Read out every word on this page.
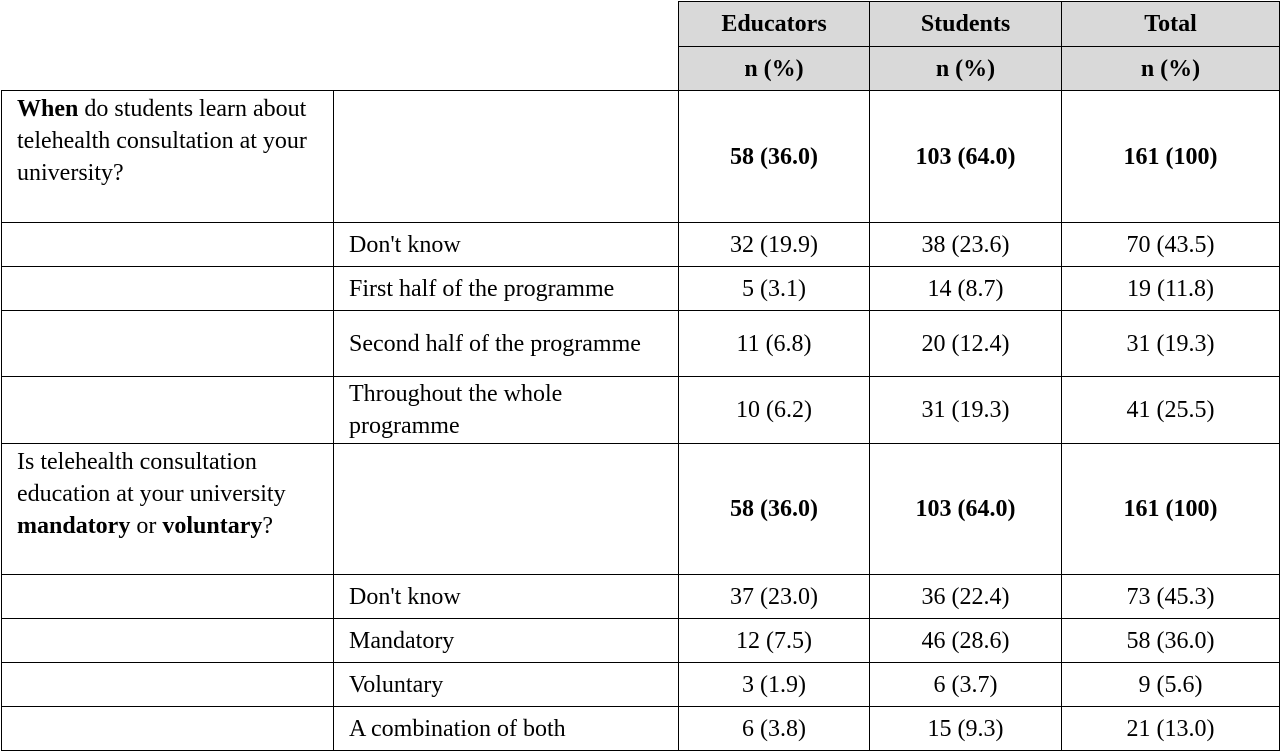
		Educators	Students	Total
		n (%)	n (%)	n (%)
When do students learn about telehealth consultation at your university?		58 (36.0)	103 (64.0)	161 (100)
	Don't know	32 (19.9)	38 (23.6)	70 (43.5)
	First half of the programme	5 (3.1)	14 (8.7)	19 (11.8)
	Second half of the programme	11 (6.8)	20 (12.4)	31 (19.3)
	Throughout the whole programme	10 (6.2)	31 (19.3)	41 (25.5)
Is telehealth consultation education at your university mandatory or voluntary?		58 (36.0)	103 (64.0)	161 (100)
	Don't know	37 (23.0)	36 (22.4)	73 (45.3)
	Mandatory	12 (7.5)	46 (28.6)	58 (36.0)
	Voluntary	3 (1.9)	6 (3.7)	9 (5.6)
	A combination of both	6 (3.8)	15 (9.3)	21 (13.0)
